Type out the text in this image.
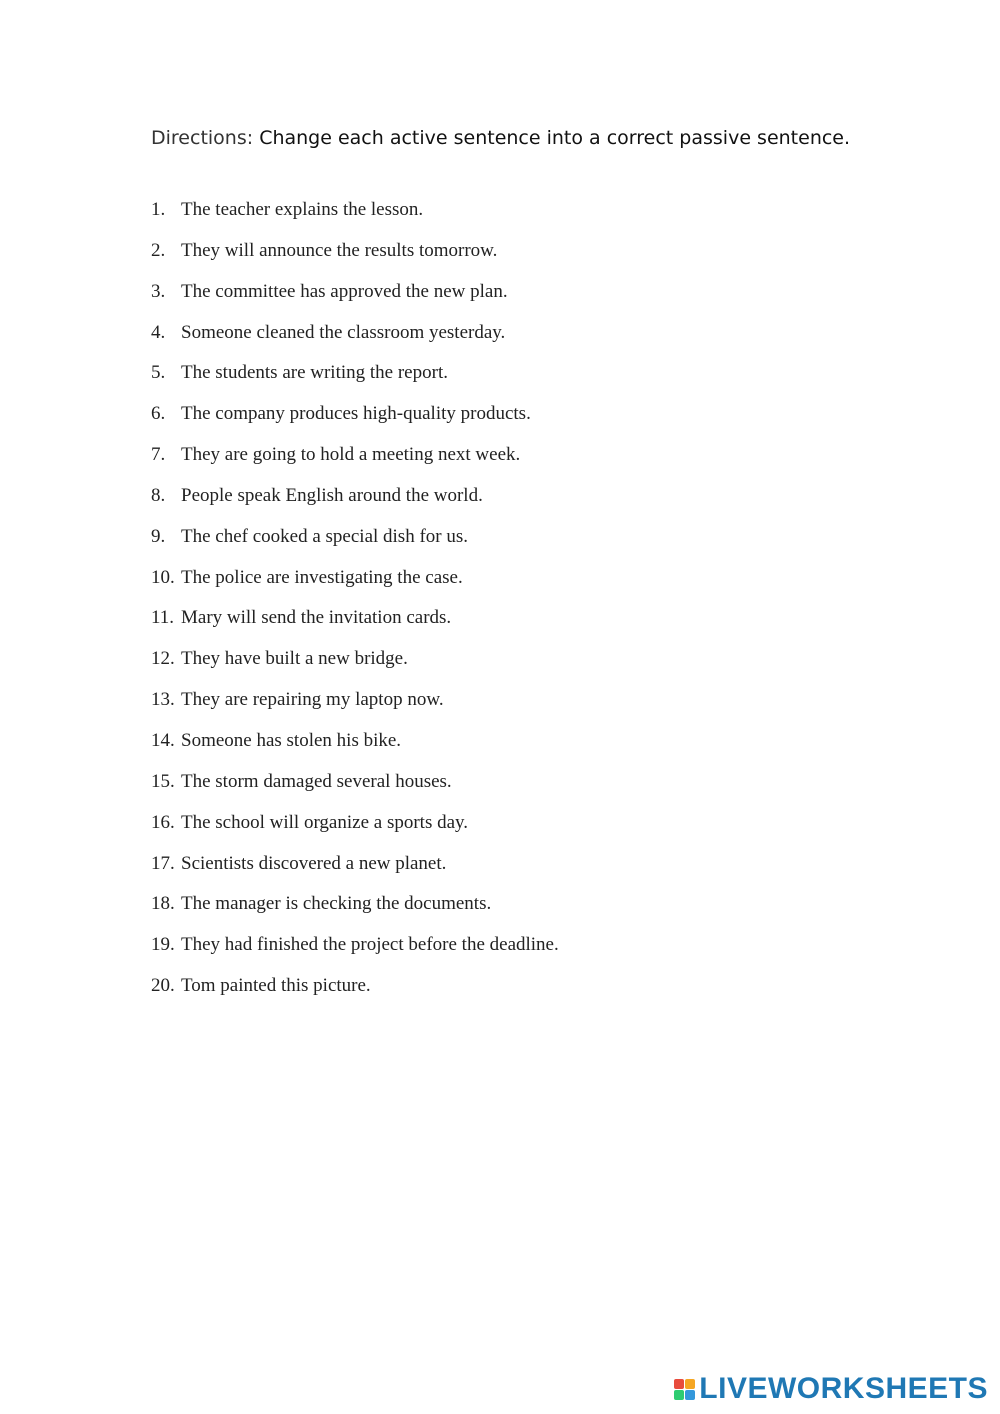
Directions: Change each active sentence into a correct passive sentence.
1. The teacher explains the lesson.
2. They will announce the results tomorrow.
3. The committee has approved the new plan.
4. Someone cleaned the classroom yesterday.
5. The students are writing the report.
6. The company produces high-quality products.
7. They are going to hold a meeting next week.
8. People speak English around the world.
9. The chef cooked a special dish for us.
10. The police are investigating the case.
11. Mary will send the invitation cards.
12. They have built a new bridge.
13. They are repairing my laptop now.
14. Someone has stolen his bike.
15. The storm damaged several houses.
16. The school will organize a sports day.
17. Scientists discovered a new planet.
18. The manager is checking the documents.
19. They had finished the project before the deadline.
20. Tom painted this picture.
LIVEWORKSHEETS
